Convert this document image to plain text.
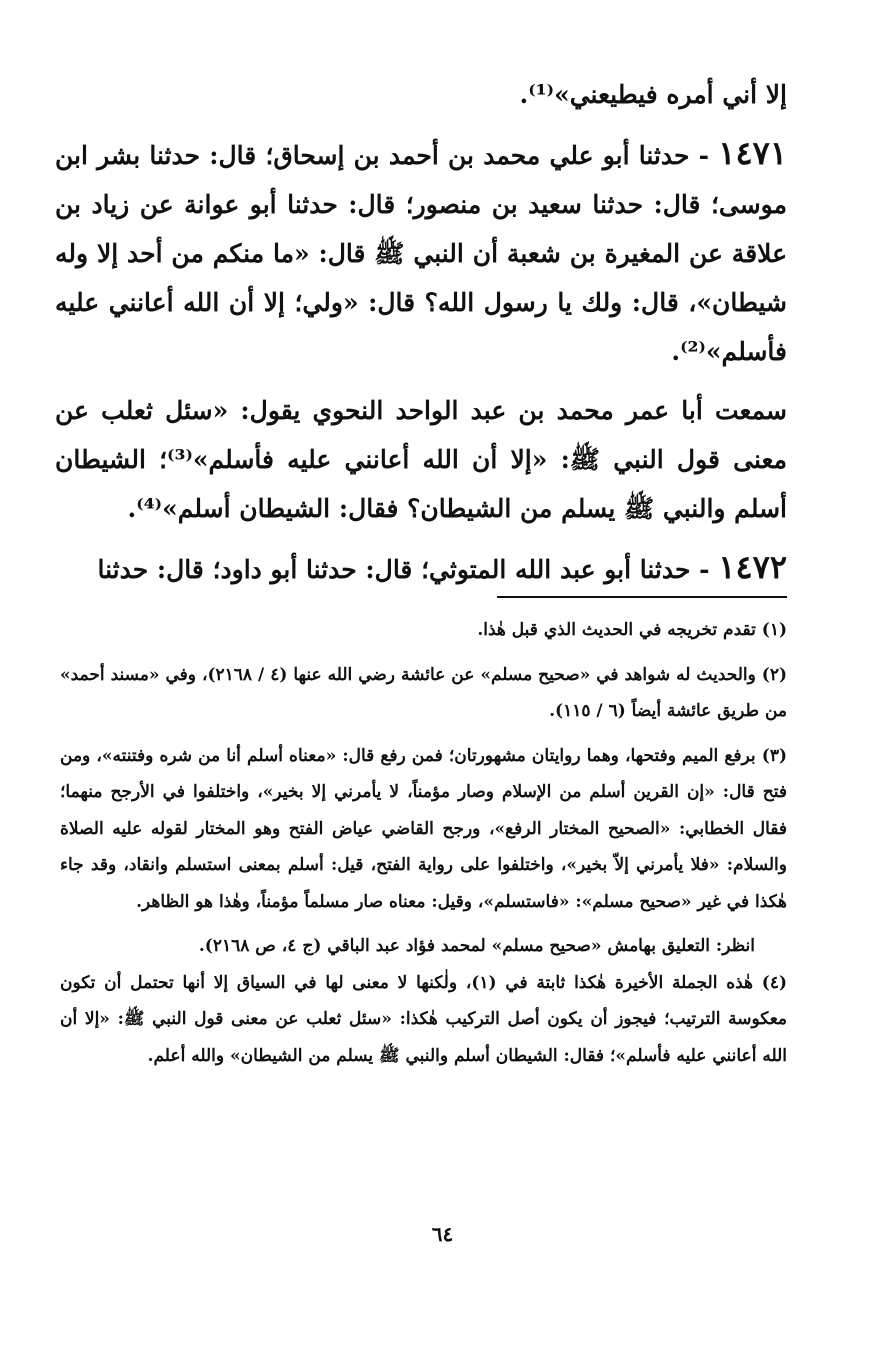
إلا أني أمره فيطيعني»⁽¹⁾.

١٤٧١ - حدثنا أبو علي محمد بن أحمد بن إسحاق؛ قال: حدثنا بشر ابن موسى؛ قال: حدثنا سعيد بن منصور؛ قال: حدثنا أبو عوانة عن زياد بن علاقة عن المغيرة بن شعبة أن النبي ﷺ قال: «ما منكم من أحد إلا وله شيطان»، قال: ولك يا رسول الله؟ قال: «ولي؛ إلا أن الله أعانني عليه فأسلم»⁽²⁾.

سمعت أبا عمر محمد بن عبد الواحد النحوي يقول: «سئل ثعلب عن معنى قول النبي ﷺ: «إلا أن الله أعانني عليه فأسلم»⁽³⁾؛ الشيطان أسلم والنبي ﷺ يسلم من الشيطان؟ فقال: الشيطان أسلم»⁽⁴⁾.

١٤٧٢ - حدثنا أبو عبد الله المتوثي؛ قال: حدثنا أبو داود؛ قال: حدثنا

(١) تقدم تخريجه في الحديث الذي قبل هٰذا.

(٢) والحديث له شواهد في «صحيح مسلم» عن عائشة رضي الله عنها (٤ / ٢١٦٨)، وفي «مسند أحمد» من طريق عائشة أيضاً (٦ / ١١٥).

(٣) برفع الميم وفتحها، وهما روايتان مشهورتان؛ فمن رفع قال: «معناه أسلم أنا من شره وفتنته»، ومن فتح قال: «إن القرين أسلم من الإسلام وصار مؤمناً، لا يأمرني إلا بخير»، واختلفوا في الأرجح منهما؛ فقال الخطابي: «الصحيح المختار الرفع»، ورجح القاضي عياض الفتح وهو المختار لقوله عليه الصلاة والسلام: «فلا يأمرني إلاّ بخير»، واختلفوا على رواية الفتح، قيل: أسلم بمعنى استسلم وانقاد، وقد جاء هٰكذا في غير «صحيح مسلم»: «فاستسلم»، وقيل: معناه صار مسلماً مؤمناً، وهٰذا هو الظاهر.

انظر: التعليق بهامش «صحيح مسلم» لمحمد فؤاد عبد الباقي (ج ٤، ص ٢١٦٨).

(٤) هٰذه الجملة الأخيرة هٰكذا ثابتة في (١)، ولٰكنها لا معنى لها في السياق إلا أنها تحتمل أن تكون معكوسة الترتيب؛ فيجوز أن يكون أصل التركيب هٰكذا: «سئل ثعلب عن معنى قول النبي ﷺ: «إلا أن الله أعانني عليه فأسلم»؛ فقال: الشيطان أسلم والنبي ﷺ يسلم من الشيطان» والله أعلم.

٦٤
